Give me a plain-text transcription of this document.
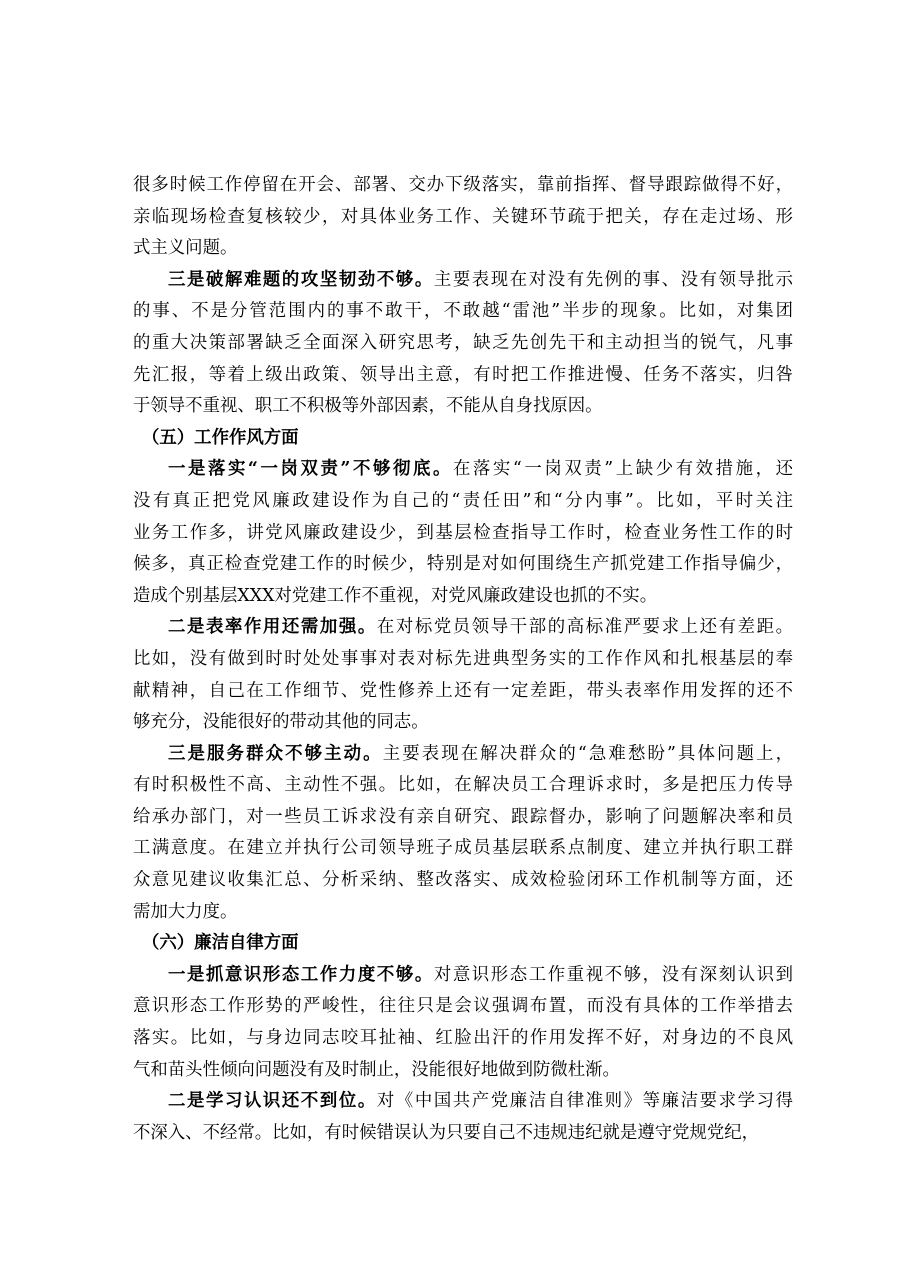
很多时候工作停留在开会、部署、交办下级落实，靠前指挥、督导跟踪做得不好，
亲临现场检查复核较少，对具体业务工作、关键环节疏于把关，存在走过场、形
式主义问题。
三是破解难题的攻坚韧劲不够。主要表现在对没有先例的事、没有领导批示
的事、不是分管范围内的事不敢干，不敢越“雷池”半步的现象。比如，对集团
的重大决策部署缺乏全面深入研究思考，缺乏先创先干和主动担当的锐气，凡事
先汇报，等着上级出政策、领导出主意，有时把工作推进慢、任务不落实，归咎
于领导不重视、职工不积极等外部因素，不能从自身找原因。
（五）工作作风方面
一是落实“一岗双责”不够彻底。在落实“一岗双责”上缺少有效措施，还
没有真正把党风廉政建设作为自己的“责任田”和“分内事”。比如，平时关注
业务工作多，讲党风廉政建设少，到基层检查指导工作时，检查业务性工作的时
候多，真正检查党建工作的时候少，特别是对如何围绕生产抓党建工作指导偏少，
造成个别基层XXX对党建工作不重视，对党风廉政建设也抓的不实。
二是表率作用还需加强。在对标党员领导干部的高标准严要求上还有差距。
比如，没有做到时时处处事事对表对标先进典型务实的工作作风和扎根基层的奉
献精神，自己在工作细节、党性修养上还有一定差距，带头表率作用发挥的还不
够充分，没能很好的带动其他的同志。
三是服务群众不够主动。主要表现在解决群众的“急难愁盼”具体问题上，
有时积极性不高、主动性不强。比如，在解决员工合理诉求时，多是把压力传导
给承办部门，对一些员工诉求没有亲自研究、跟踪督办，影响了问题解决率和员
工满意度。在建立并执行公司领导班子成员基层联系点制度、建立并执行职工群
众意见建议收集汇总、分析采纳、整改落实、成效检验闭环工作机制等方面，还
需加大力度。
（六）廉洁自律方面
一是抓意识形态工作力度不够。对意识形态工作重视不够，没有深刻认识到
意识形态工作形势的严峻性，往往只是会议强调布置，而没有具体的工作举措去
落实。比如，与身边同志咬耳扯袖、红脸出汗的作用发挥不好，对身边的不良风
气和苗头性倾向问题没有及时制止，没能很好地做到防微杜渐。
二是学习认识还不到位。对《中国共产党廉洁自律准则》等廉洁要求学习得
不深入、不经常。比如，有时候错误认为只要自己不违规违纪就是遵守党规党纪，
